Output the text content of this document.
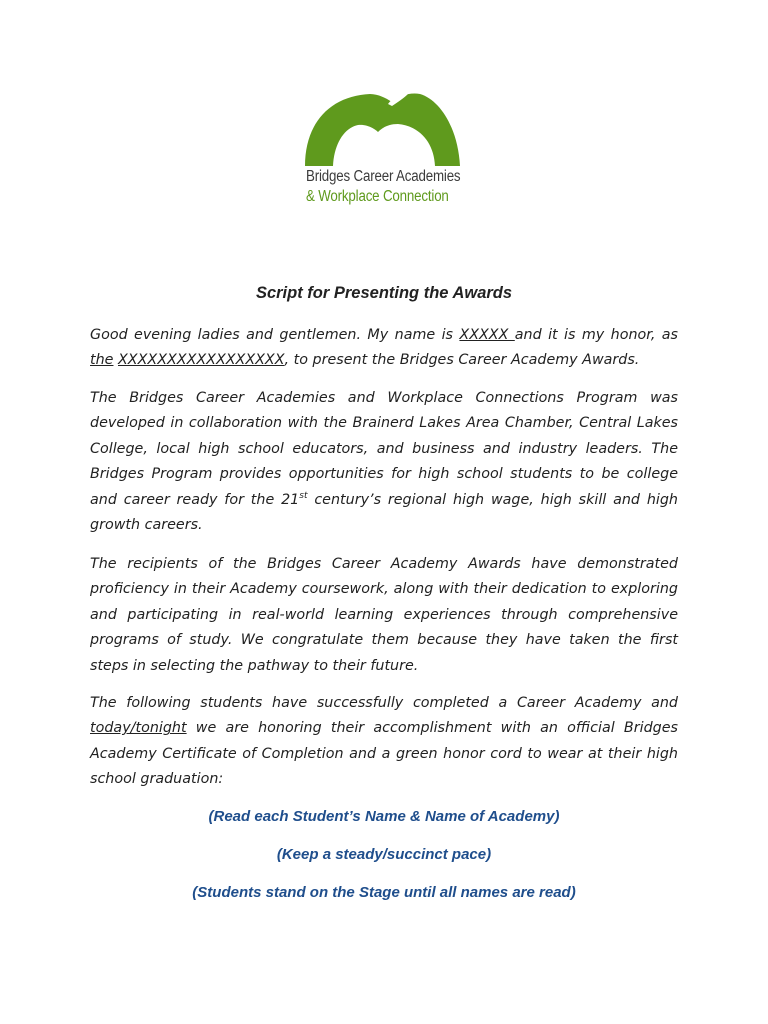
Bridges Career Academies
& Workplace Connection
Script for Presenting the Awards

Good evening ladies and gentlemen. My name is XXXXX and it is my honor, as the XXXXXXXXXXXXXXXXX, to present the Bridges Career Academy Awards.

The Bridges Career Academies and Workplace Connections Program was developed in collaboration with the Brainerd Lakes Area Chamber, Central Lakes College, local high school educators, and business and industry leaders. The Bridges Program provides opportunities for high school students to be college and career ready for the 21st century’s regional high wage, high skill and high growth careers.

The recipients of the Bridges Career Academy Awards have demonstrated proficiency in their Academy coursework, along with their dedication to exploring and participating in real-world learning experiences through comprehensive programs of study. We congratulate them because they have taken the first steps in selecting the pathway to their future.

The following students have successfully completed a Career Academy and today/tonight we are honoring their accomplishment with an official Bridges Academy Certificate of Completion and a green honor cord to wear at their high school graduation:

(Read each Student’s Name & Name of Academy)
(Keep a steady/succinct pace)
(Students stand on the Stage until all names are read)
